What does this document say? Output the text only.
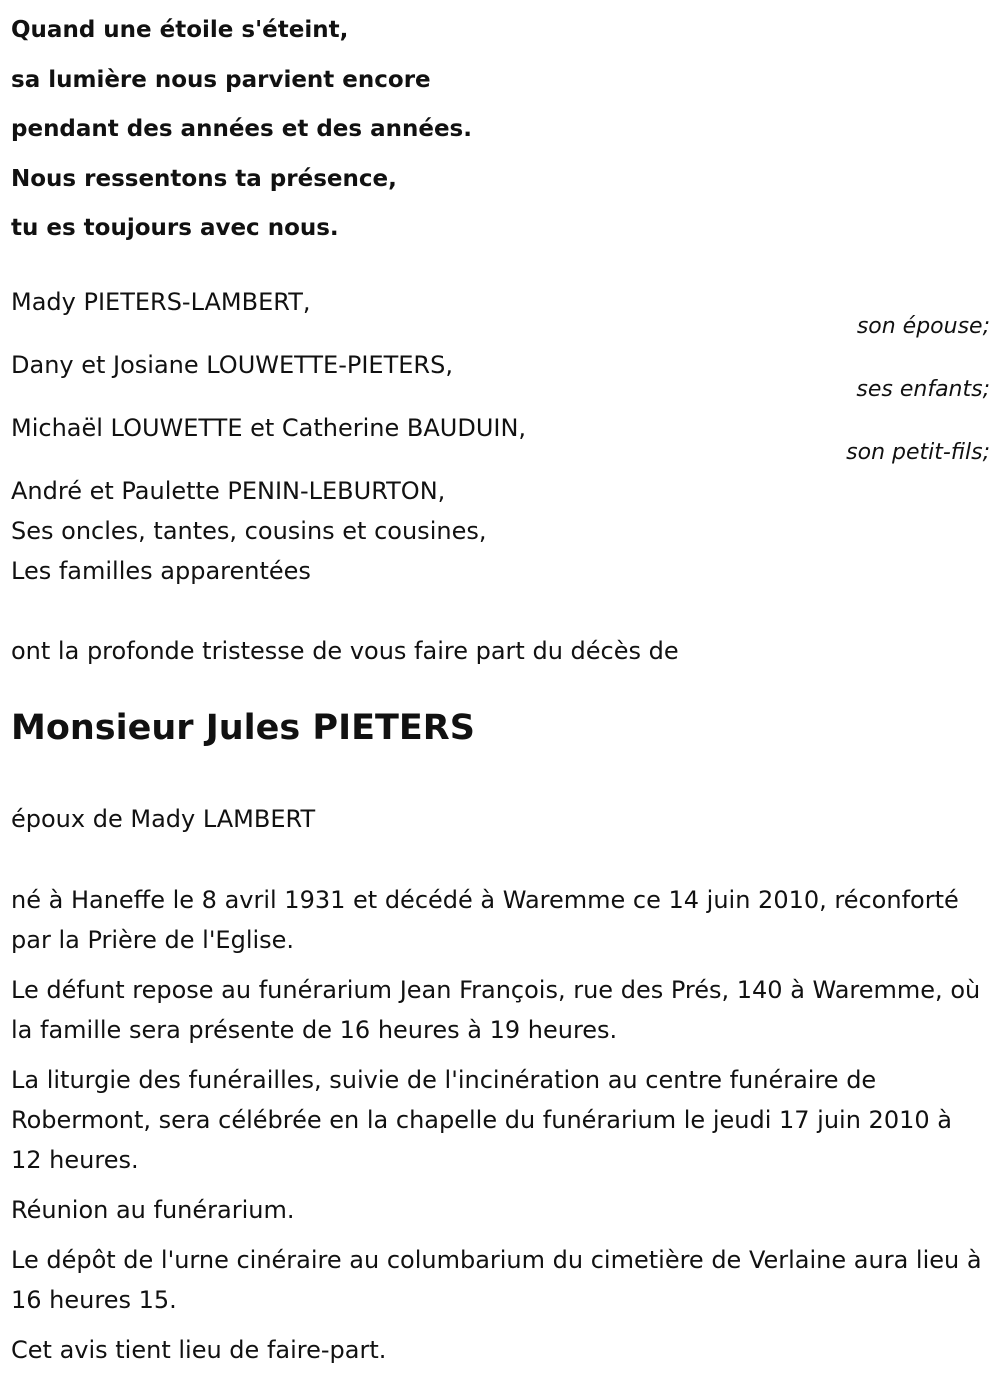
Quand une étoile s'éteint,
sa lumière nous parvient encore
pendant des années et des années.
Nous ressentons ta présence,
tu es toujours avec nous.
Mady PIETERS-LAMBERT,
son épouse;
Dany et Josiane LOUWETTE-PIETERS,
ses enfants;
Michaël LOUWETTE et Catherine BAUDUIN,
son petit-fils;
André et Paulette PENIN-LEBURTON,
Ses oncles, tantes, cousins et cousines,
Les familles apparentées
ont la profonde tristesse de vous faire part du décès de
Monsieur Jules PIETERS
époux de Mady LAMBERT

né à Haneffe le 8 avril 1931 et décédé à Waremme ce 14 juin 2010, réconforté par la Prière de l'Eglise.

Le défunt repose au funérarium Jean François, rue des Prés, 140 à Waremme, où la famille sera présente de 16 heures à 19 heures.

La liturgie des funérailles, suivie de l'incinération au centre funéraire de Robermont, sera célébrée en la chapelle du funérarium le jeudi 17 juin 2010 à 12 heures.

Réunion au funérarium.

Le dépôt de l'urne cinéraire au columbarium du cimetière de Verlaine aura lieu à 16 heures 15.

Cet avis tient lieu de faire-part.
